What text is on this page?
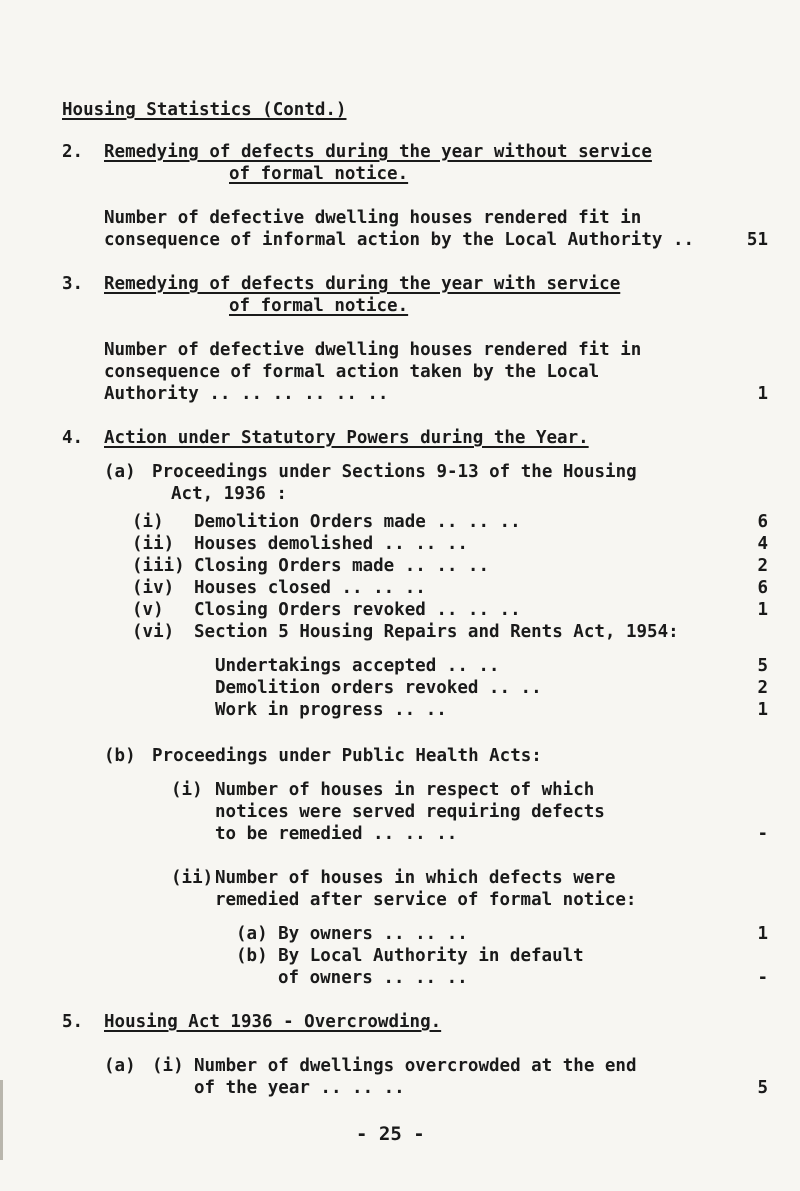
Housing Statistics (Contd.)
2. Remedying of defects during the year without service
of formal notice.
Number of defective dwelling houses rendered fit in
consequence of informal action by the Local Authority ..	51
3. Remedying of defects during the year with service
of formal notice.
Number of defective dwelling houses rendered fit in
consequence of formal action taken by the Local
Authority .. .. .. .. .. ..	1
4. Action under Statutory Powers during the Year.
(a) Proceedings under Sections 9-13 of the Housing
Act, 1936 :
(i) Demolition Orders made .. .. ..	6
(ii) Houses demolished .. .. ..	4
(iii) Closing Orders made .. .. ..	2
(iv) Houses closed .. .. ..	6
(v) Closing Orders revoked .. .. ..	1
(vi) Section 5 Housing Repairs and Rents Act, 1954:
Undertakings accepted .. ..	5
Demolition orders revoked .. ..	2
Work in progress .. ..	1
(b) Proceedings under Public Health Acts:
(i) Number of houses in respect of which
notices were served requiring defects
to be remedied .. .. ..	-
(ii) Number of houses in which defects were
remedied after service of formal notice:
(a) By owners .. .. ..	1
(b) By Local Authority in default
of owners .. .. ..	-
5. Housing Act 1936 - Overcrowding.
(a) (i) Number of dwellings overcrowded at the end
of the year .. .. ..	5
- 25 -
